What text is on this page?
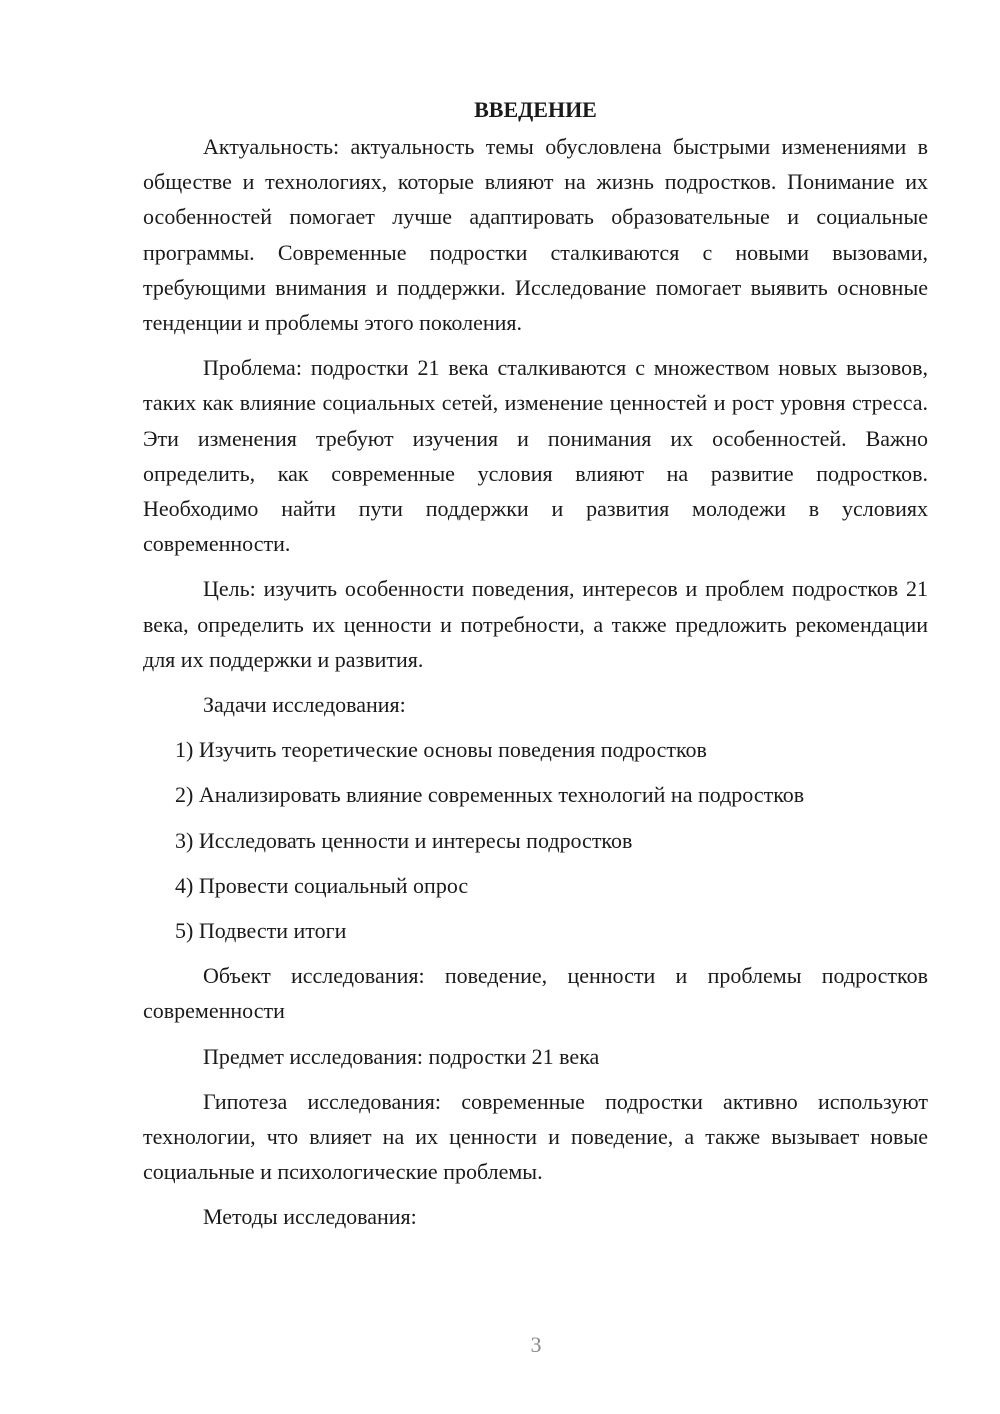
ВВЕДЕНИЕ

Актуальность: актуальность темы обусловлена быстрыми изменениями в обществе и технологиях, которые влияют на жизнь подростков. Понимание их особенностей помогает лучше адаптировать образовательные и социальные программы. Современные подростки сталкиваются с новыми вызовами, требующими внимания и поддержки. Исследование помогает выявить основные тенденции и проблемы этого поколения.

Проблема: подростки 21 века сталкиваются с множеством новых вызовов, таких как влияние социальных сетей, изменение ценностей и рост уровня стресса. Эти изменения требуют изучения и понимания их особенностей. Важно определить, как современные условия влияют на развитие подростков. Необходимо найти пути поддержки и развития молодежи в условиях современности.

Цель: изучить особенности поведения, интересов и проблем подростков 21 века, определить их ценности и потребности, а также предложить рекомендации для их поддержки и развития.

Задачи исследования:

1) Изучить теоретические основы поведения подростков

2) Анализировать влияние современных технологий на подростков

3) Исследовать ценности и интересы подростков

4) Провести социальный опрос

5) Подвести итоги

Объект исследования: поведение, ценности и проблемы подростков современности

Предмет исследования: подростки 21 века

Гипотеза исследования: современные подростки активно используют технологии, что влияет на их ценности и поведение, а также вызывает новые социальные и психологические проблемы.

Методы исследования:

3
